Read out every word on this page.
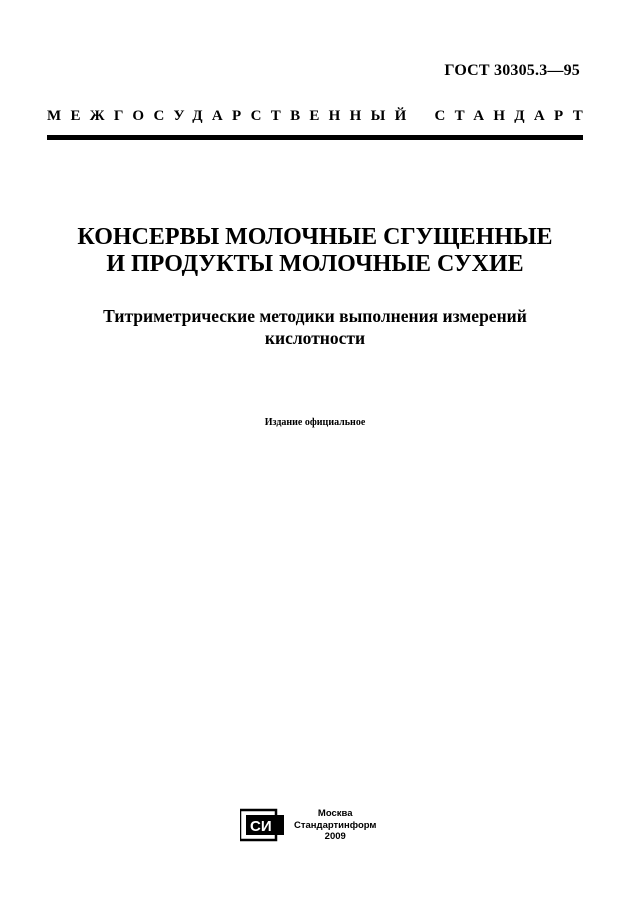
ГОСТ 30305.3—95
МЕЖГОСУДАРСТВЕННЫЙ СТАНДАРТ

КОНСЕРВЫ МОЛОЧНЫЕ СГУЩЕННЫЕ
И ПРОДУКТЫ МОЛОЧНЫЕ СУХИЕ

Титриметрические методики выполнения измерений
кислотности

Издание официальное
СИ
Москва
Стандартинформ
2009
